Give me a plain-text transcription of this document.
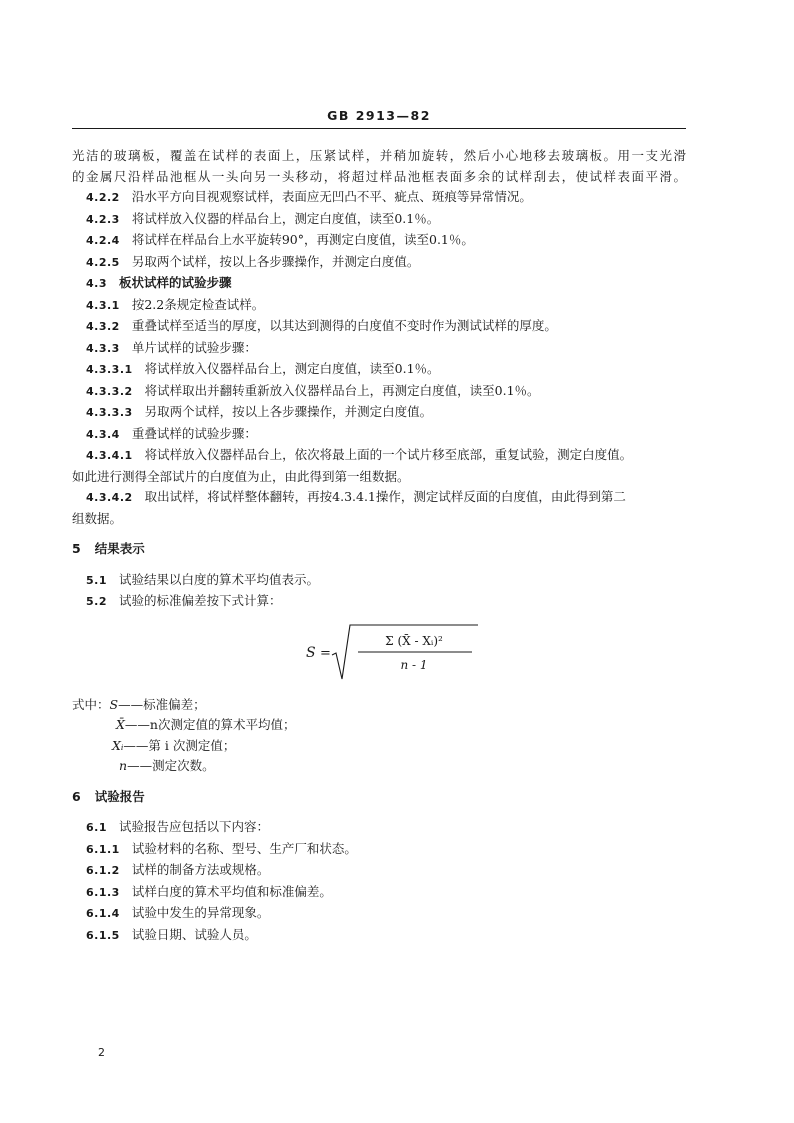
GB 2913—82
光洁的玻璃板，覆盖在试样的表面上，压紧试样，并稍加旋转，然后小心地移去玻璃板。用一支光滑
的金属尺沿样品池框从一头向另一头移动，将超过样品池框表面多余的试样刮去，使试样表面平滑。
4.2.2 沿水平方向目视观察试样，表面应无凹凸不平、疵点、斑痕等异常情况。
4.2.3 将试样放入仪器的样品台上，测定白度值，读至0.1％。
4.2.4 将试样在样品台上水平旋转90°，再测定白度值，读至0.1％。
4.2.5 另取两个试样，按以上各步骤操作，并测定白度值。
4.3 板状试样的试验步骤
4.3.1 按2.2条规定检查试样。
4.3.2 重叠试样至适当的厚度，以其达到测得的白度值不变时作为测试试样的厚度。
4.3.3 单片试样的试验步骤：
4.3.3.1 将试样放入仪器样品台上，测定白度值，读至0.1％。
4.3.3.2 将试样取出并翻转重新放入仪器样品台上，再测定白度值，读至0.1％。
4.3.3.3 另取两个试样，按以上各步骤操作，并测定白度值。
4.3.4 重叠试样的试验步骤：
4.3.4.1 将试样放入仪器样品台上，依次将最上面的一个试片移至底部，重复试验，测定白度值。
如此进行测得全部试片的白度值为止，由此得到第一组数据。
4.3.4.2 取出试样，将试样整体翻转，再按4.3.4.1操作，测定试样反面的白度值，由此得到第二
组数据。
5 结果表示
5.1 试验结果以白度的算术平均值表示。
5.2 试验的标准偏差按下式计算：
S =
Σ (X̄ - Xᵢ)²
n - 1
式中：S——标准偏差；
X̄——n次测定值的算术平均值；
Xᵢ——第 i 次测定值；
n——测定次数。
6 试验报告
6.1 试验报告应包括以下内容：
6.1.1 试验材料的名称、型号、生产厂和状态。
6.1.2 试样的制备方法或规格。
6.1.3 试样白度的算术平均值和标准偏差。
6.1.4 试验中发生的异常现象。
6.1.5 试验日期、试验人员。
2
